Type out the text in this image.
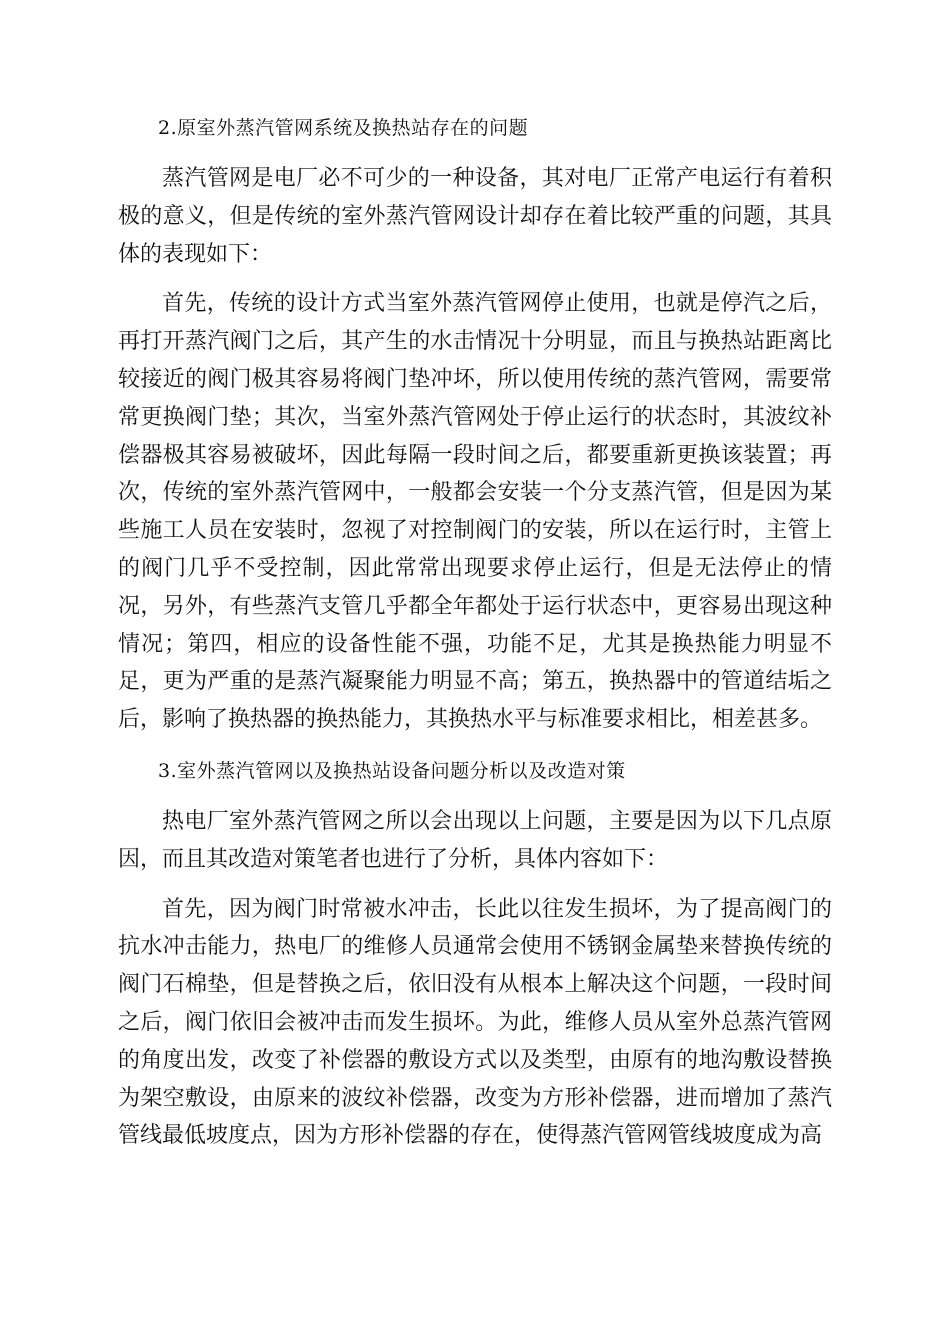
2.原室外蒸汽管网系统及换热站存在的问题

蒸汽管网是电厂必不可少的一种设备，其对电厂正常产电运行有着积极的意义，但是传统的室外蒸汽管网设计却存在着比较严重的问题，其具体的表现如下：

首先，传统的设计方式当室外蒸汽管网停止使用，也就是停汽之后，再打开蒸汽阀门之后，其产生的水击情况十分明显，而且与换热站距离比较接近的阀门极其容易将阀门垫冲坏，所以使用传统的蒸汽管网，需要常常更换阀门垫；其次，当室外蒸汽管网处于停止运行的状态时，其波纹补偿器极其容易被破坏，因此每隔一段时间之后，都要重新更换该装置；再次，传统的室外蒸汽管网中，一般都会安装一个分支蒸汽管，但是因为某些施工人员在安装时，忽视了对控制阀门的安装，所以在运行时，主管上的阀门几乎不受控制，因此常常出现要求停止运行，但是无法停止的情况，另外，有些蒸汽支管几乎都全年都处于运行状态中，更容易出现这种情况；第四，相应的设备性能不强，功能不足，尤其是换热能力明显不足，更为严重的是蒸汽凝聚能力明显不高；第五，换热器中的管道结垢之后，影响了换热器的换热能力，其换热水平与标准要求相比，相差甚多。

3.室外蒸汽管网以及换热站设备问题分析以及改造对策

热电厂室外蒸汽管网之所以会出现以上问题，主要是因为以下几点原因，而且其改造对策笔者也进行了分析，具体内容如下：

首先，因为阀门时常被水冲击，长此以往发生损坏，为了提高阀门的抗水冲击能力，热电厂的维修人员通常会使用不锈钢金属垫来替换传统的阀门石棉垫，但是替换之后，依旧没有从根本上解决这个问题，一段时间之后，阀门依旧会被冲击而发生损坏。为此，维修人员从室外总蒸汽管网的角度出发，改变了补偿器的敷设方式以及类型，由原有的地沟敷设替换为架空敷设，由原来的波纹补偿器，改变为方形补偿器，进而增加了蒸汽管线最低坡度点，因为方形补偿器的存在，使得蒸汽管网管线坡度成为高
